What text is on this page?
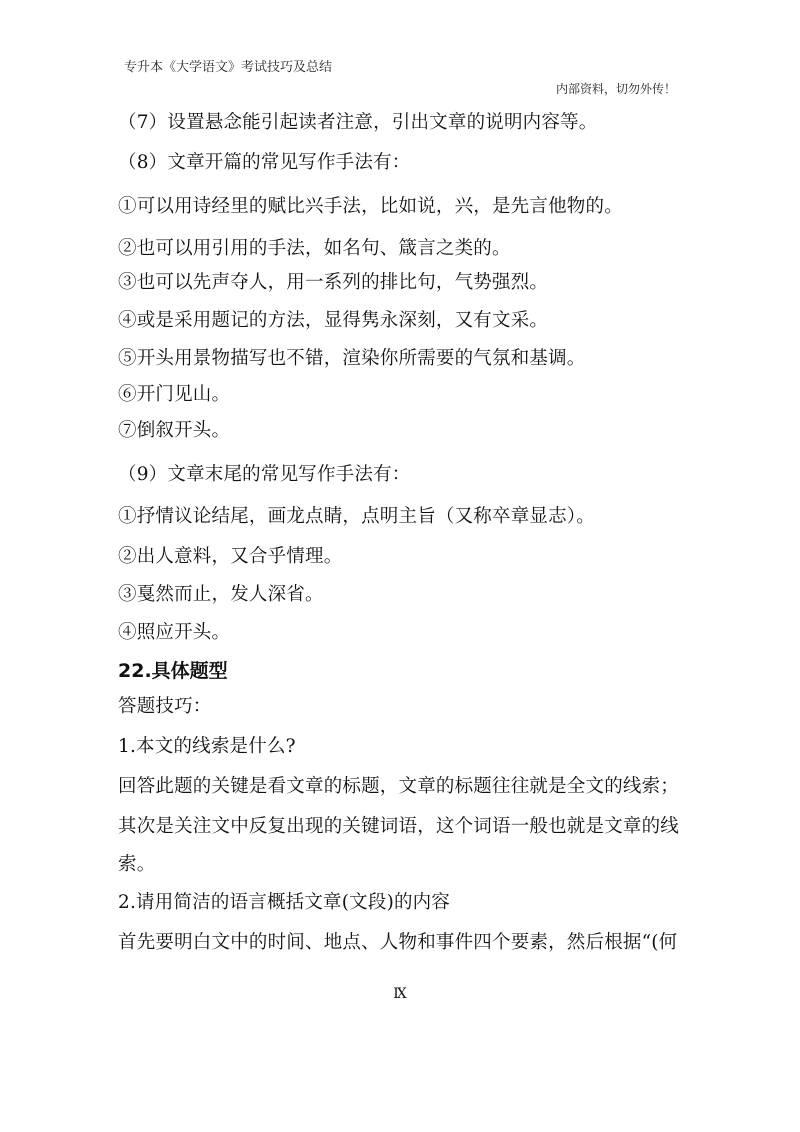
专升本《大学语文》考试技巧及总结
内部资料，切勿外传！
（7）设置悬念能引起读者注意，引出文章的说明内容等。
（8）文章开篇的常见写作手法有：
①可以用诗经里的赋比兴手法，比如说，兴，是先言他物的。
②也可以用引用的手法，如名句、箴言之类的。
③也可以先声夺人，用一系列的排比句，气势强烈。
④或是采用题记的方法，显得隽永深刻，又有文采。
⑤开头用景物描写也不错，渲染你所需要的气氛和基调。
⑥开门见山。
⑦倒叙开头。
（9）文章末尾的常见写作手法有：
①抒情议论结尾，画龙点睛，点明主旨（又称卒章显志）。
②出人意料，又合乎情理。
③戛然而止，发人深省。
④照应开头。
22.具体题型
答题技巧：
1.本文的线索是什么?
回答此题的关键是看文章的标题，文章的标题往往就是全文的线索；
其次是关注文中反复出现的关键词语，这个词语一般也就是文章的线
索。
2.请用简洁的语言概括文章(文段)的内容
首先要明白文中的时间、地点、人物和事件四个要素，然后根据“(何
Ⅸ
